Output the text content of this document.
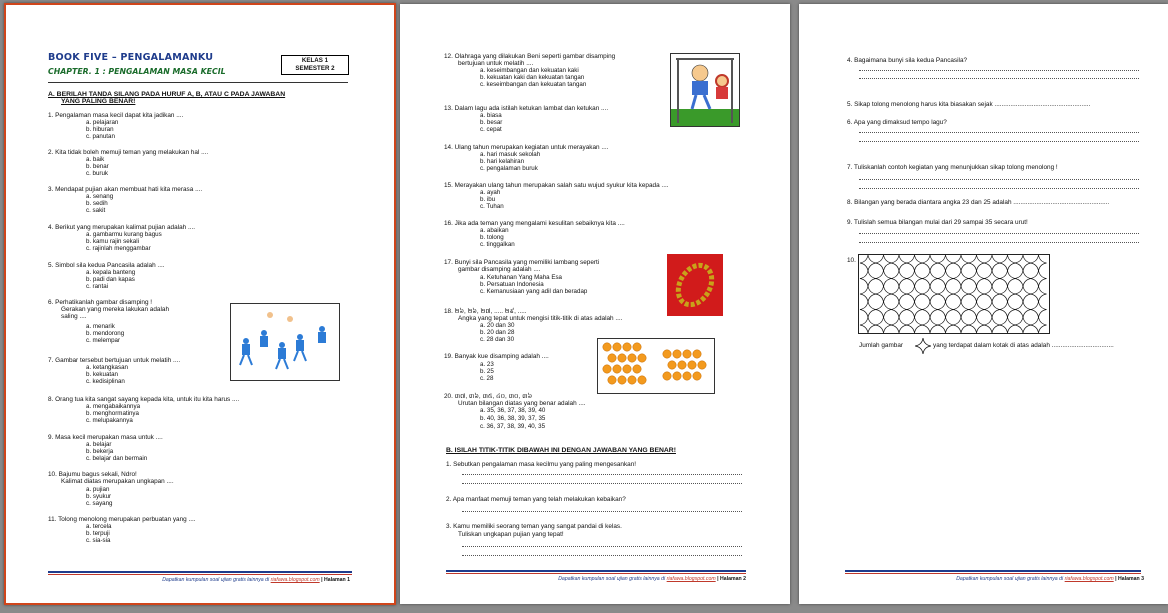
BOOK FIVE – PENGALAMANKU
CHAPTER. 1 : PENGALAMAN MASA KECIL
KELAS 1
SEMESTER 2
A. BERILAH TANDA SILANG PADA HURUF A, B, ATAU C PADA JAWABAN
YANG PALING BENAR!
1. Pengalaman masa kecil dapat kita jadikan ....
a. pelajaran
b. hiburan
c. panutan
2. Kita tidak boleh memuji teman yang melakukan hal ....
a. baik
b. benar
c. buruk
3. Mendapat pujian akan membuat hati kita merasa ....
a. senang
b. sedih
c. sakit
4. Berikut yang merupakan kalimat pujian adalah ....
a. gambarmu kurang bagus
b. kamu rajin sekali
c. rajinlah menggambar
5. Simbol sila kedua Pancasila adalah ....
a. kepala banteng
b. padi dan kapas
c. rantai
6. Perhatikanlah gambar disamping !
Gerakan yang mereka lakukan adalah
saling ....
a. menarik
b. mendorong
c. melempar
7. Gambar tersebut bertujuan untuk melatih ....
a. ketangkasan
b. kekuatan
c. kedisiplinan
8. Orang tua kita sangat sayang kepada kita, untuk itu kita harus ....
a. mengabaikannya
b. menghormatinya
c. melupakannya
9. Masa kecil merupakan masa untuk ....
a. belajar
b. bekerja
c. belajar dan bermain
10. Bajumu bagus sekali, Ndro!
Kalimat diatas merupakan ungkapan ....
a. pujian
b. syukur
c. sayang
11. Tolong menolong merupakan perbuatan yang ....
a. tercela
b. terpuji
c. sia-sia
Dapatkan kumpulan soal ujian gratis lainnya di riafawa.blogspot.com | Halaman 1
12. Olahraga yang dilakukan Beni seperti gambar disamping
bertujuan untuk melatih ....
a. keseimbangan dan kekuatan kaki
b. kekuatan kaki dan kekuatan tangan
c. keseimbangan dan kekuatan tangan
13. Dalam lagu ada istilah ketukan lambat dan ketukan ....
a. biasa
b. besar
c. cepat
14. Ulang tahun merupakan kegiatan untuk merayakan ....
a. hari masuk sekolah
b. hari kelahiran
c. pengalaman buruk
15. Merayakan ulang tahun merupakan salah satu wujud syukur kita kepada ....
a. ayah
b. ibu
c. Tuhan
16. Jika ada teman yang mengalami kesulitan sebaiknya kita ....
a. abaikan
b. tolong
c. tinggalkan
17. Bunyi sila Pancasila yang memiliki lambang seperti
gambar disamping adalah ....
a. Ketuhanan Yang Maha Esa
b. Persatuan Indonesia
c. Kemanusiaan yang adil dan beradap
18. ២៦, ២៦, ២៧, ..... ២៩, .....
Angka yang tepat untuk mengisi titik-titik di atas adalah ....
a. 20 dan 30
b. 20 dan 28
c. 28 dan 30
19. Banyak kue disamping adalah ....
a. 23
b. 25
c. 28
20. ៣៧, ៣៦, ៣៥, ៤០, ៣០, ៣៦
Urutan bilangan diatas yang benar adalah ....
a. 35, 36, 37, 38, 39, 40
b. 40, 36, 38, 39, 37, 35
c. 36, 37, 38, 39, 40, 35
B. ISILAH TITIK-TITIK DIBAWAH INI DENGAN JAWABAN YANG BENAR!
1. Sebutkan pengalaman masa kecilmu yang paling mengesankan!
2. Apa manfaat memuji teman yang telah melakukan kebaikan?
3. Kamu memiliki seorang teman yang sangat pandai di kelas.
Tuliskan ungkapan pujian yang tepat!
Dapatkan kumpulan soal ujian gratis lainnya di riafawa.blogspot.com | Halaman 2
4. Bagaimana bunyi sila kedua Pancasila?
5. Sikap tolong menolong harus kita biasakan sejak ......................................................
6. Apa yang dimaksud tempo lagu?
7. Tuliskanlah contoh kegiatan yang menunjukkan sikap tolong menolong !
8. Bilangan yang berada diantara angka 23 dan 25 adalah ......................................................
9. Tulislah semua bilangan mulai dari 29 sampai 35 secara urut!
10.
Jumlah gambar	yang terdapat dalam kotak di atas adalah ...................................
Dapatkan kumpulan soal ujian gratis lainnya di riafawa.blogspot.com | Halaman 3
